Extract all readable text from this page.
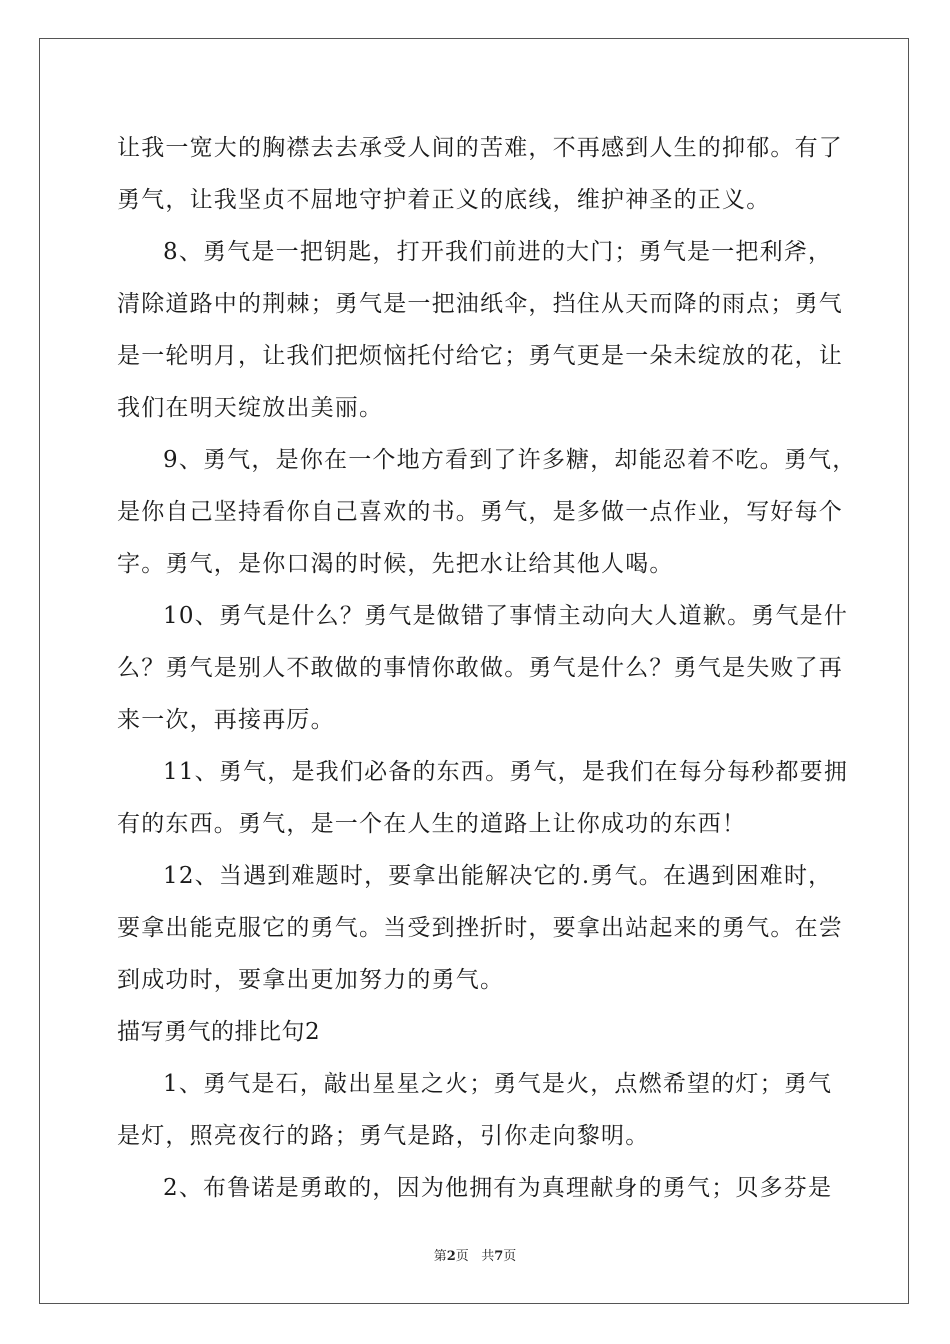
让我一宽大的胸襟去去承受人间的苦难，不再感到人生的抑郁。有了
勇气，让我坚贞不屈地守护着正义的底线，维护神圣的正义。
8、勇气是一把钥匙，打开我们前进的大门；勇气是一把利斧，
清除道路中的荆棘；勇气是一把油纸伞，挡住从天而降的雨点；勇气
是一轮明月，让我们把烦恼托付给它；勇气更是一朵未绽放的花，让
我们在明天绽放出美丽。
9、勇气，是你在一个地方看到了许多糖，却能忍着不吃。勇气，
是你自己坚持看你自己喜欢的书。勇气，是多做一点作业，写好每个
字。勇气，是你口渴的时候，先把水让给其他人喝。
10、勇气是什么？勇气是做错了事情主动向大人道歉。勇气是什
么？勇气是别人不敢做的事情你敢做。勇气是什么？勇气是失败了再
来一次，再接再厉。
11、勇气，是我们必备的东西。勇气，是我们在每分每秒都要拥
有的东西。勇气，是一个在人生的道路上让你成功的东西！
12、当遇到难题时，要拿出能解决它的.勇气。在遇到困难时，
要拿出能克服它的勇气。当受到挫折时，要拿出站起来的勇气。在尝
到成功时，要拿出更加努力的勇气。
描写勇气的排比句2
1、勇气是石，敲出星星之火；勇气是火，点燃希望的灯；勇气
是灯，照亮夜行的路；勇气是路，引你走向黎明。
2、布鲁诺是勇敢的，因为他拥有为真理献身的勇气；贝多芬是
第2页 共7页
